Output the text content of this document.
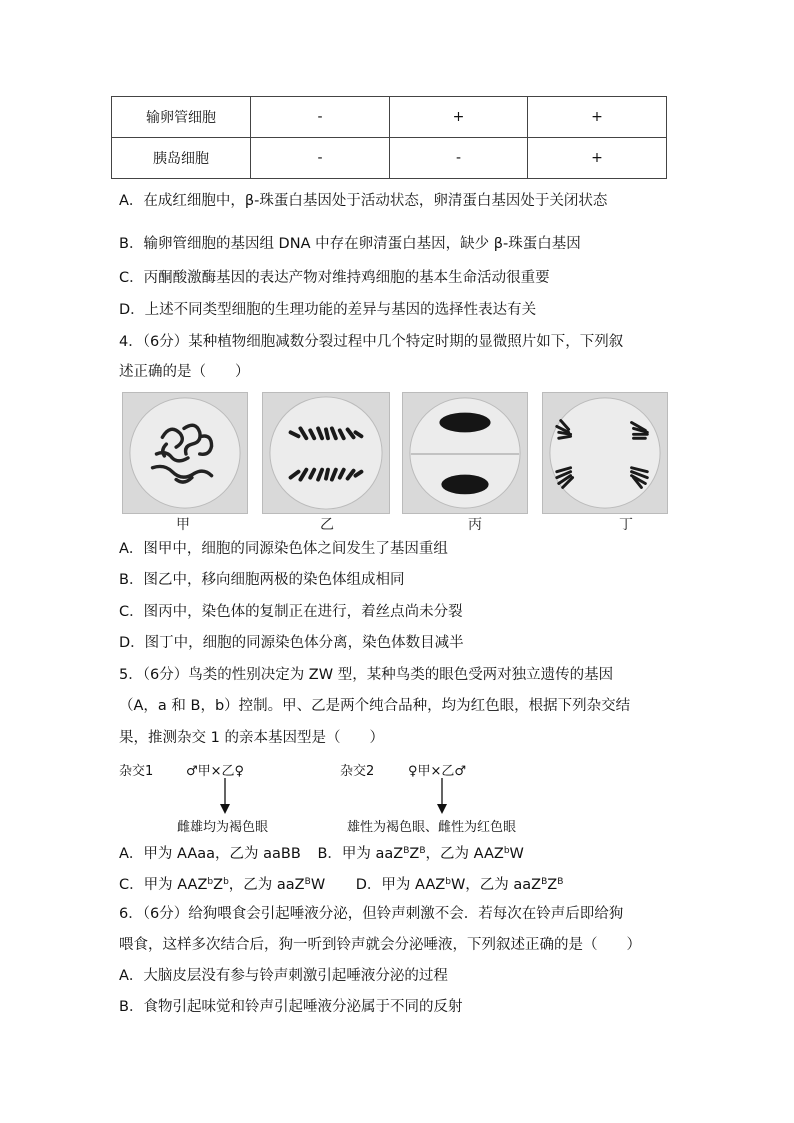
输卵管细胞	-	+	+
胰岛细胞	-	-	+
A．在成红细胞中，β-珠蛋白基因处于活动状态，卵清蛋白基因处于关闭状态
B．输卵管细胞的基因组 DNA 中存在卵清蛋白基因，缺少 β-珠蛋白基因
C．丙酮酸激酶基因的表达产物对维持鸡细胞的基本生命活动很重要
D．上述不同类型细胞的生理功能的差异与基因的选择性表达有关
4．（6分）某种植物细胞减数分裂过程中几个特定时期的显微照片如下，下列叙
述正确的是（　　）
甲	乙	丙	丁
A．图甲中，细胞的同源染色体之间发生了基因重组
B．图乙中，移向细胞两极的染色体组成相同
C．图丙中，染色体的复制正在进行，着丝点尚未分裂
D．图丁中，细胞的同源染色体分离，染色体数目减半
5．（6分）鸟类的性别决定为 ZW 型，某种鸟类的眼色受两对独立遗传的基因
（A，a 和 B，b）控制。甲、乙是两个纯合品种，均为红色眼，根据下列杂交结
果，推测杂交 1 的亲本基因型是（　　）
杂交1	♂甲×乙♀	杂交2	♀甲×乙♂
雌雄均为褐色眼	雄性为褐色眼、雌性为红色眼
A．甲为 AAaa，乙为 aaBB B．甲为 $aaZ^BZ^B$，乙为 AAZ$^b$W
C．甲为 $AAZ^bZ^b$，乙为 aaZ$^B$W D．甲为 AAZ$^b$W，乙为 $aaZ^BZ^B$
6．（6分）给狗喂食会引起唾液分泌，但铃声刺激不会．若每次在铃声后即给狗
喂食，这样多次结合后，狗一听到铃声就会分泌唾液，下列叙述正确的是（　　）
A．大脑皮层没有参与铃声刺激引起唾液分泌的过程
B．食物引起味觉和铃声引起唾液分泌属于不同的反射
